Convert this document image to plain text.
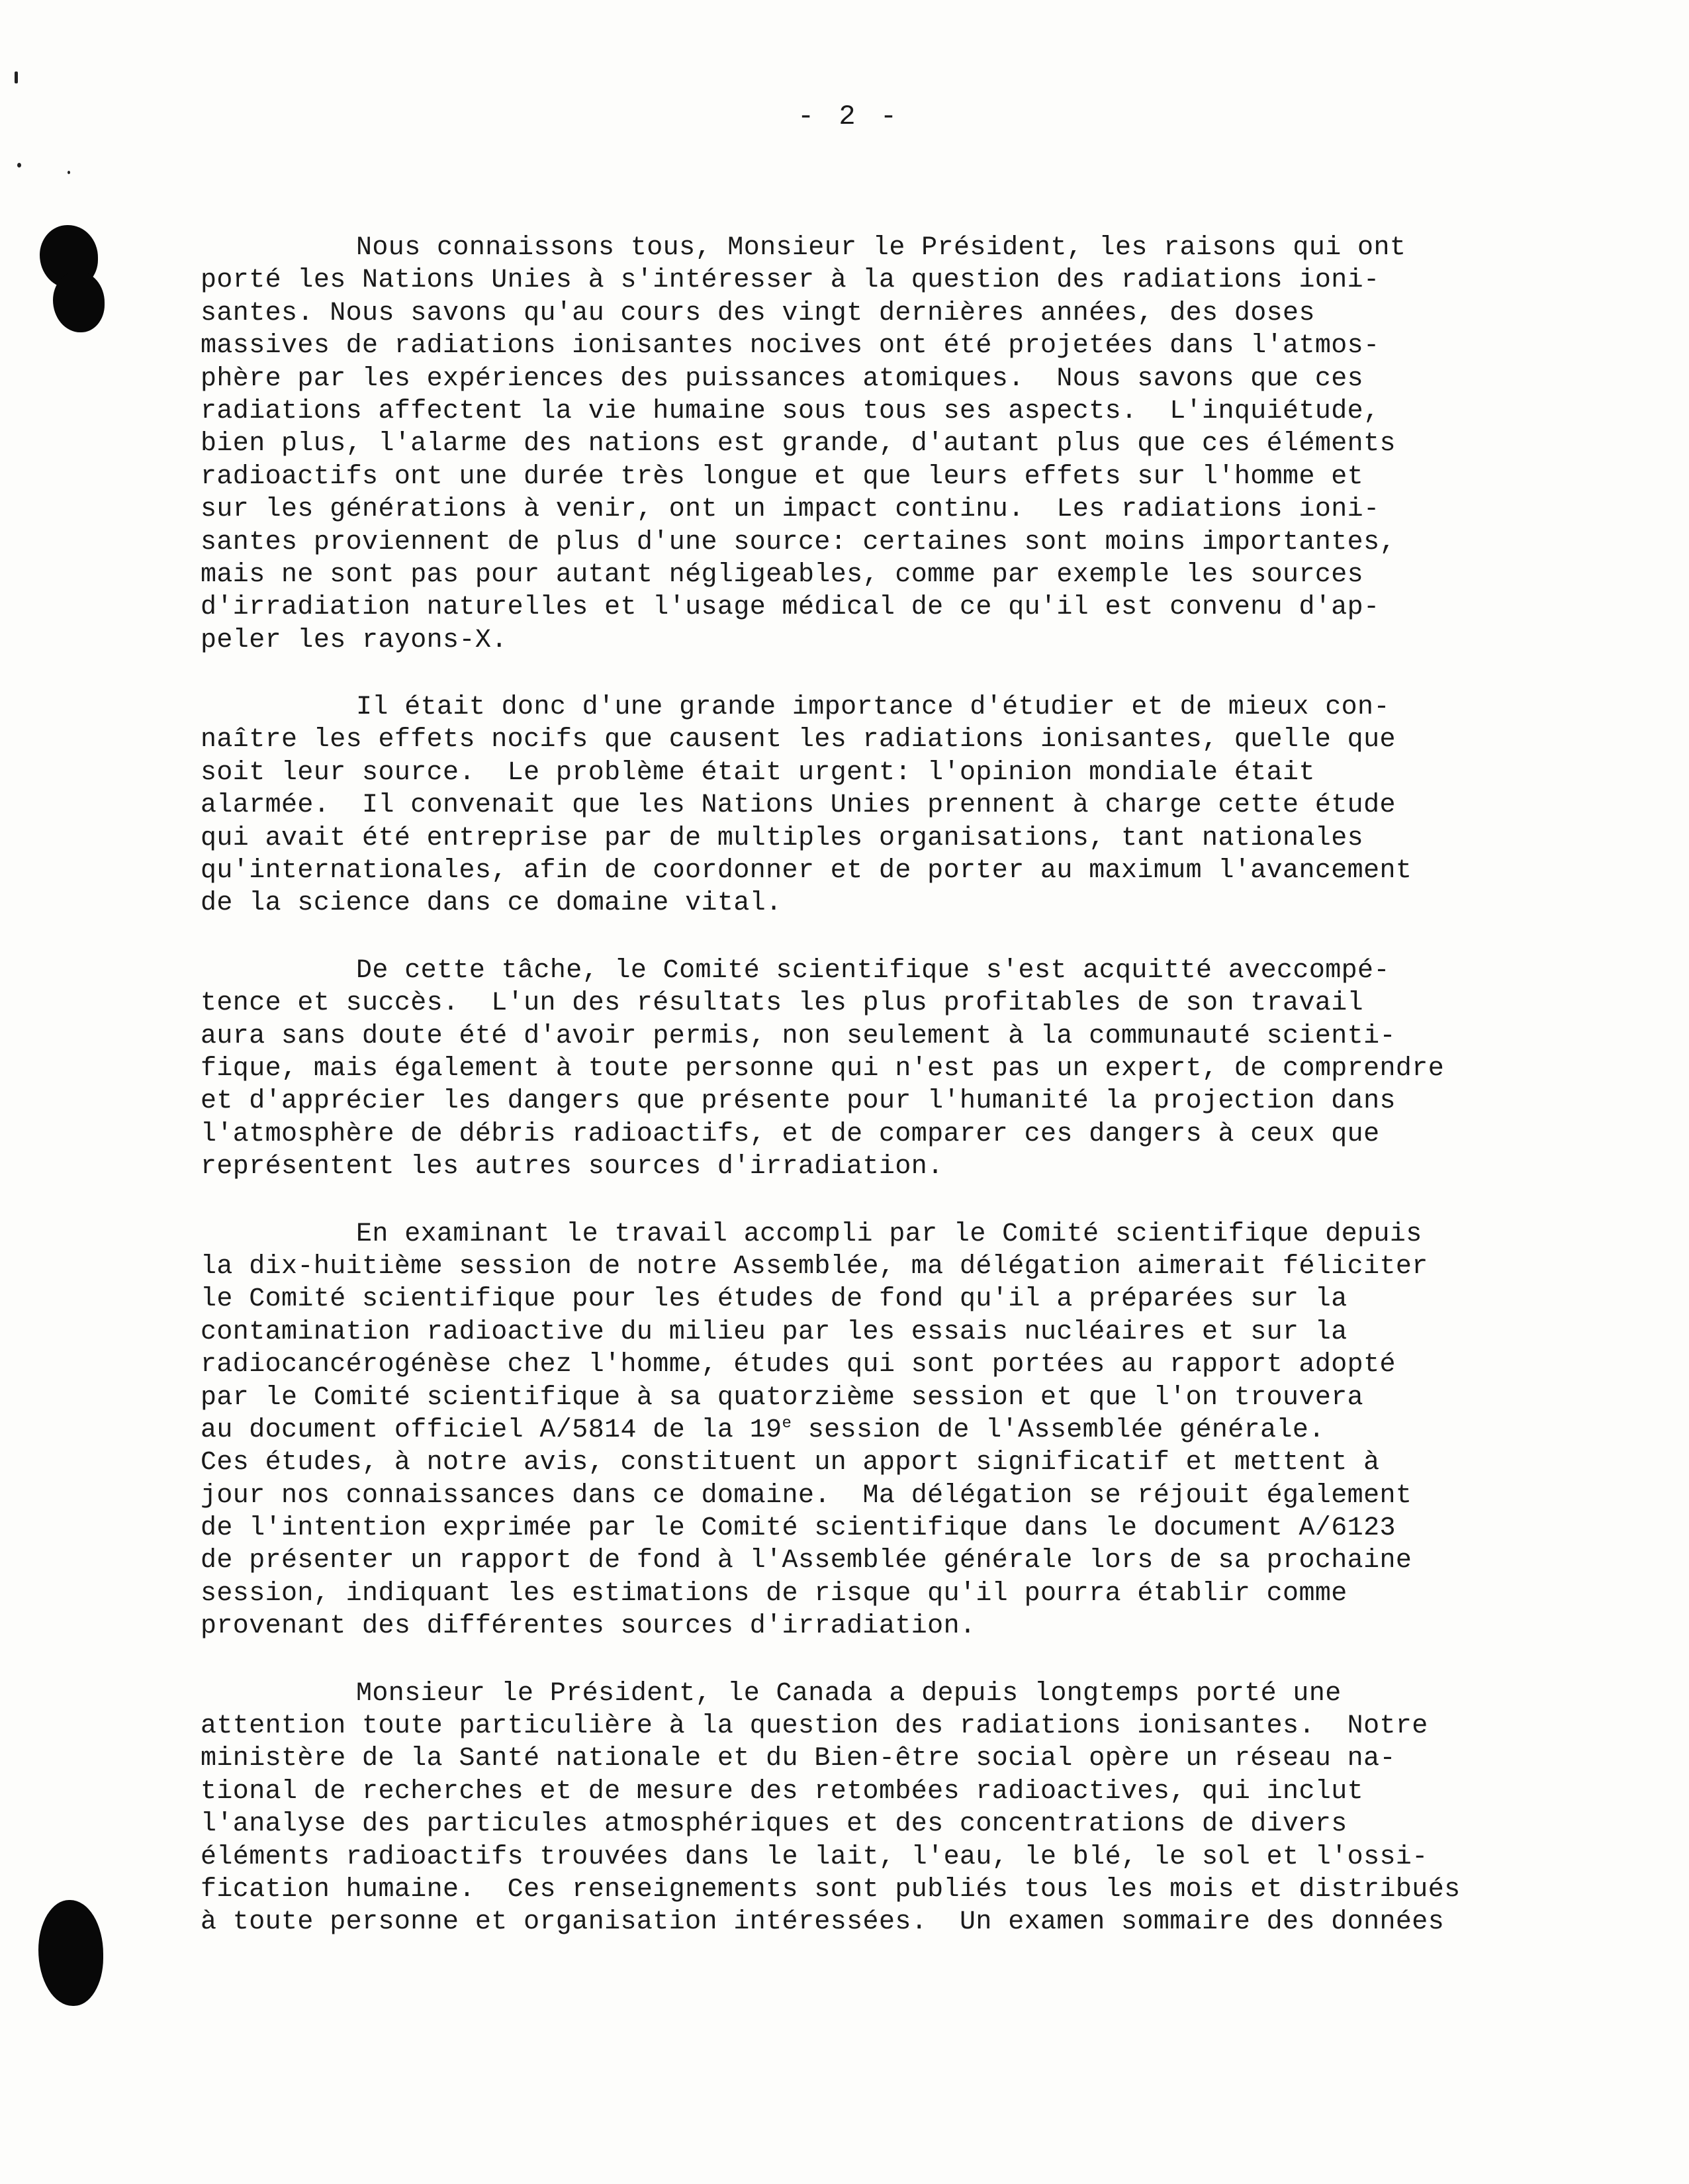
- 2 -
Nous connaissons tous, Monsieur le Président, les raisons qui ont
porté les Nations Unies à s'intéresser à la question des radiations ioni-
santes. Nous savons qu'au cours des vingt dernières années, des doses
massives de radiations ionisantes nocives ont été projetées dans l'atmos-
phère par les expériences des puissances atomiques.  Nous savons que ces
radiations affectent la vie humaine sous tous ses aspects.  L'inquiétude,
bien plus, l'alarme des nations est grande, d'autant plus que ces éléments
radioactifs ont une durée très longue et que leurs effets sur l'homme et
sur les générations à venir, ont un impact continu.  Les radiations ioni-
santes proviennent de plus d'une source: certaines sont moins importantes,
mais ne sont pas pour autant négligeables, comme par exemple les sources
d'irradiation naturelles et l'usage médical de ce qu'il est convenu d'ap-
peler les rayons-X.
Il était donc d'une grande importance d'étudier et de mieux con-
naître les effets nocifs que causent les radiations ionisantes, quelle que
soit leur source.  Le problème était urgent: l'opinion mondiale était
alarmée.  Il convenait que les Nations Unies prennent à charge cette étude
qui avait été entreprise par de multiples organisations, tant nationales
qu'internationales, afin de coordonner et de porter au maximum l'avancement
de la science dans ce domaine vital.
De cette tâche, le Comité scientifique s'est acquitté aveccompé-
tence et succès.  L'un des résultats les plus profitables de son travail
aura sans doute été d'avoir permis, non seulement à la communauté scienti-
fique, mais également à toute personne qui n'est pas un expert, de comprendre
et d'apprécier les dangers que présente pour l'humanité la projection dans
l'atmosphère de débris radioactifs, et de comparer ces dangers à ceux que
représentent les autres sources d'irradiation.
En examinant le travail accompli par le Comité scientifique depuis
la dix-huitième session de notre Assemblée, ma délégation aimerait féliciter
le Comité scientifique pour les études de fond qu'il a préparées sur la
contamination radioactive du milieu par les essais nucléaires et sur la
radiocancérogénèse chez l'homme, études qui sont portées au rapport adopté
par le Comité scientifique à sa quatorzième session et que l'on trouvera
au document officiel A/5814 de la 19e session de l'Assemblée générale.
Ces études, à notre avis, constituent un apport significatif et mettent à
jour nos connaissances dans ce domaine.  Ma délégation se réjouit également
de l'intention exprimée par le Comité scientifique dans le document A/6123
de présenter un rapport de fond à l'Assemblée générale lors de sa prochaine
session, indiquant les estimations de risque qu'il pourra établir comme
provenant des différentes sources d'irradiation.
Monsieur le Président, le Canada a depuis longtemps porté une
attention toute particulière à la question des radiations ionisantes.  Notre
ministère de la Santé nationale et du Bien-être social opère un réseau na-
tional de recherches et de mesure des retombées radioactives, qui inclut
l'analyse des particules atmosphériques et des concentrations de divers
éléments radioactifs trouvées dans le lait, l'eau, le blé, le sol et l'ossi-
fication humaine.  Ces renseignements sont publiés tous les mois et distribués
à toute personne et organisation intéressées.  Un examen sommaire des données
